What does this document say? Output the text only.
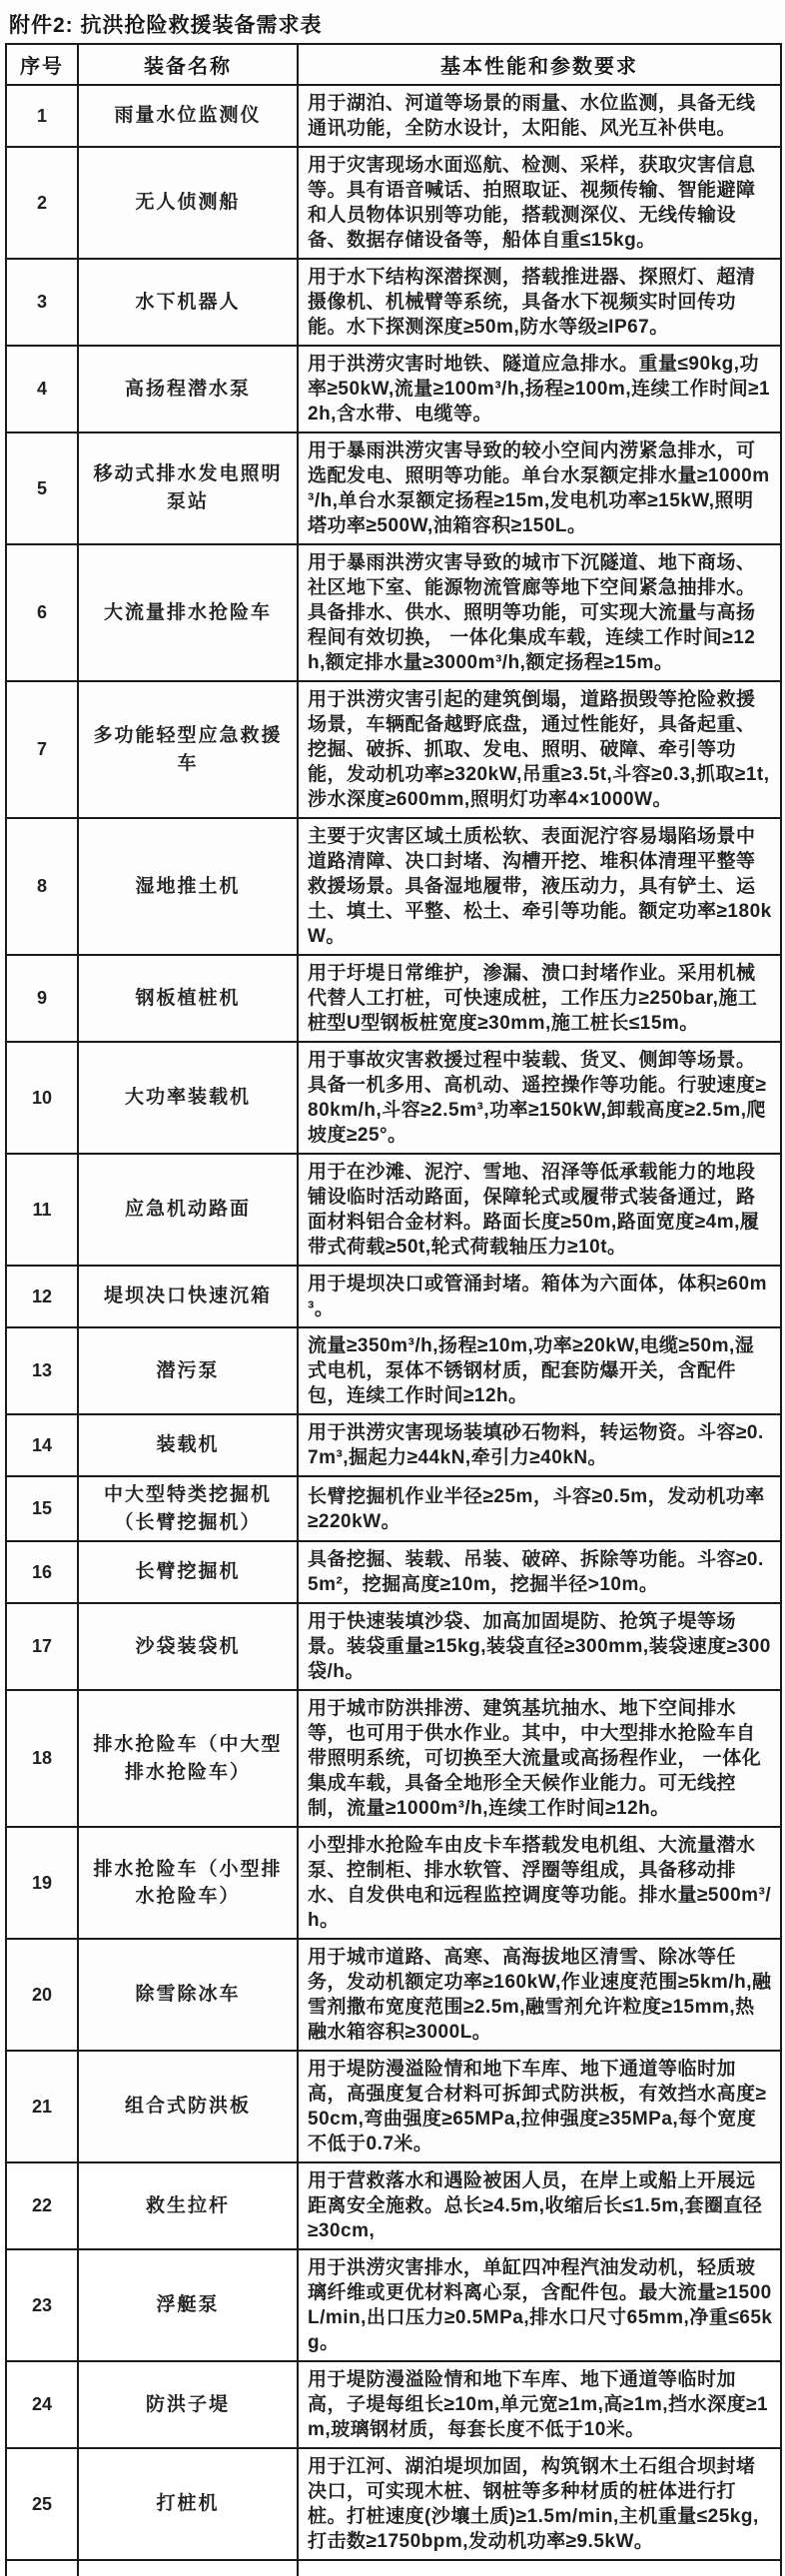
附件2: 抗洪抢险救援装备需求表
序号	装备名称	基本性能和参数要求
1	雨量水位监测仪	用于湖泊、河道等场景的雨量、水位监测，具备无线通讯功能，全防水设计，太阳能、风光互补供电。
2	无人侦测船	用于灾害现场水面巡航、检测、采样，获取灾害信息等。具有语音喊话、拍照取证、视频传输、智能避障和人员物体识别等功能，搭载测深仪、无线传输设备、数据存储设备等，船体自重≤15kg。
3	水下机器人	用于水下结构深潜探测，搭载推进器、探照灯、超清摄像机、机械臂等系统，具备水下视频实时回传功能。水下探测深度≥50m,防水等级≥IP67。
4	高扬程潜水泵	用于洪涝灾害时地铁、隧道应急排水。重量≤90kg,功率≥50kW,流量≥100m³/h,扬程≥100m,连续工作时间≥12h,含水带、电缆等。
5	移动式排水发电照明泵站	用于暴雨洪涝灾害导致的较小空间内涝紧急排水，可选配发电、照明等功能。单台水泵额定排水量≥1000m³/h,单台水泵额定扬程≥15m,发电机功率≥15kW,照明塔功率≥500W,油箱容积≥150L。
6	大流量排水抢险车	用于暴雨洪涝灾害导致的城市下沉隧道、地下商场、社区地下室、能源物流管廊等地下空间紧急抽排水。具备排水、供水、照明等功能，可实现大流量与高扬程间有效切换， 一体化集成车载，连续工作时间≥12h,额定排水量≥3000m³/h,额定扬程≥15m。
7	多功能轻型应急救援车	用于洪涝灾害引起的建筑倒塌，道路损毁等抢险救援场景，车辆配备越野底盘，通过性能好，具备起重、挖掘、破拆、抓取、发电、照明、破障、牵引等功能，发动机功率≥320kW,吊重≥3.5t,斗容≥0.3,抓取≥1t,涉水深度≥600mm,照明灯功率4×1000W。
8	湿地推土机	主要于灾害区域土质松软、表面泥泞容易塌陷场景中道路清障、决口封堵、沟槽开挖、堆积体清理平整等救援场景。具备湿地履带，液压动力，具有铲土、运土、填土、平整、松土、牵引等功能。额定功率≥180kW。
9	钢板植桩机	用于圩堤日常维护，渗漏、溃口封堵作业。采用机械代替人工打桩，可快速成桩，工作压力≥250bar,施工桩型U型钢板桩宽度≥30mm,施工桩长≤15m。
10	大功率装载机	用于事故灾害救援过程中装载、货叉、侧卸等场景。具备一机多用、高机动、遥控操作等功能。行驶速度≥80km/h,斗容≥2.5m³,功率≥150kW,卸载高度≥2.5m,爬坡度≥25°。
11	应急机动路面	用于在沙滩、泥泞、雪地、沼泽等低承载能力的地段铺设临时活动路面，保障轮式或履带式装备通过，路面材料铝合金材料。路面长度≥50m,路面宽度≥4m,履带式荷载≥50t,轮式荷载轴压力≥10t。
12	堤坝决口快速沉箱	用于堤坝决口或管涌封堵。箱体为六面体，体积≥60m³。
13	潜污泵	流量≥350m³/h,扬程≥10m,功率≥20kW,电缆≥50m,湿式电机，泵体不锈钢材质，配套防爆开关，含配件包，连续工作时间≥12h。
14	装载机	用于洪涝灾害现场装填砂石物料，转运物资。斗容≥0.7m³,掘起力≥44kN,牵引力≥40kN。
15	中大型特类挖掘机（长臂挖掘机）	长臂挖掘机作业半径≥25m，斗容≥0.5m，发动机功率≥220kW。
16	长臂挖掘机	具备挖掘、装载、吊装、破碎、拆除等功能。斗容≥0.5m²，挖掘高度≥10m，挖掘半径>10m。
17	沙袋装袋机	用于快速装填沙袋、加高加固堤防、抢筑子堤等场景。装袋重量≥15kg,装袋直径≥300mm,装袋速度≥300袋/h。
18	排水抢险车（中大型排水抢险车）	用于城市防洪排涝、建筑基坑抽水、地下空间排水等，也可用于供水作业。其中，中大型排水抢险车自带照明系统，可切换至大流量或高扬程作业， 一体化集成车载，具备全地形全天候作业能力。可无线控制，流量≥1000m³/h,连续工作时间≥12h。
19	排水抢险车（小型排水抢险车）	小型排水抢险车由皮卡车搭载发电机组、大流量潜水泵、控制柜、排水软管、浮圈等组成，具备移动排水、自发供电和远程监控调度等功能。排水量≥500m³/h。
20	除雪除冰车	用于城市道路、高寒、高海拔地区清雪、除冰等任务，发动机额定功率≥160kW,作业速度范围≥5km/h,融雪剂撒布宽度范围≥2.5m,融雪剂允许粒度≥15mm,热融水箱容积≥3000L。
21	组合式防洪板	用于堤防漫溢险情和地下车库、地下通道等临时加高，高强度复合材料可拆卸式防洪板，有效挡水高度≥50cm,弯曲强度≥65MPa,拉伸强度≥35MPa,每个宽度不低于0.7米。
22	救生拉杆	用于营救落水和遇险被困人员，在岸上或船上开展远距离安全施救。总长≥4.5m,收缩后长≤1.5m,套圈直径≥30cm,
23	浮艇泵	用于洪涝灾害排水，单缸四冲程汽油发动机，轻质玻璃纤维或更优材料离心泵，含配件包。最大流量≥1500L/min,出口压力≥0.5MPa,排水口尺寸65mm,净重≤65kg。
24	防洪子堤	用于堤防漫溢险情和地下车库、地下通道等临时加高，子堤每组长≥10m,单元宽≥1m,高≥1m,挡水深度≥1m,玻璃钢材质，每套长度不低于10米。
25	打桩机	用于江河、湖泊堤坝加固，构筑钢木土石组合坝封堵决口，可实现木桩、钢桩等多种材质的桩体进行打桩。打桩速度(沙壤土质)≥1.5m/min,主机重量≤25kg,打击数≥1750bpm,发动机功率≥9.5kW。
